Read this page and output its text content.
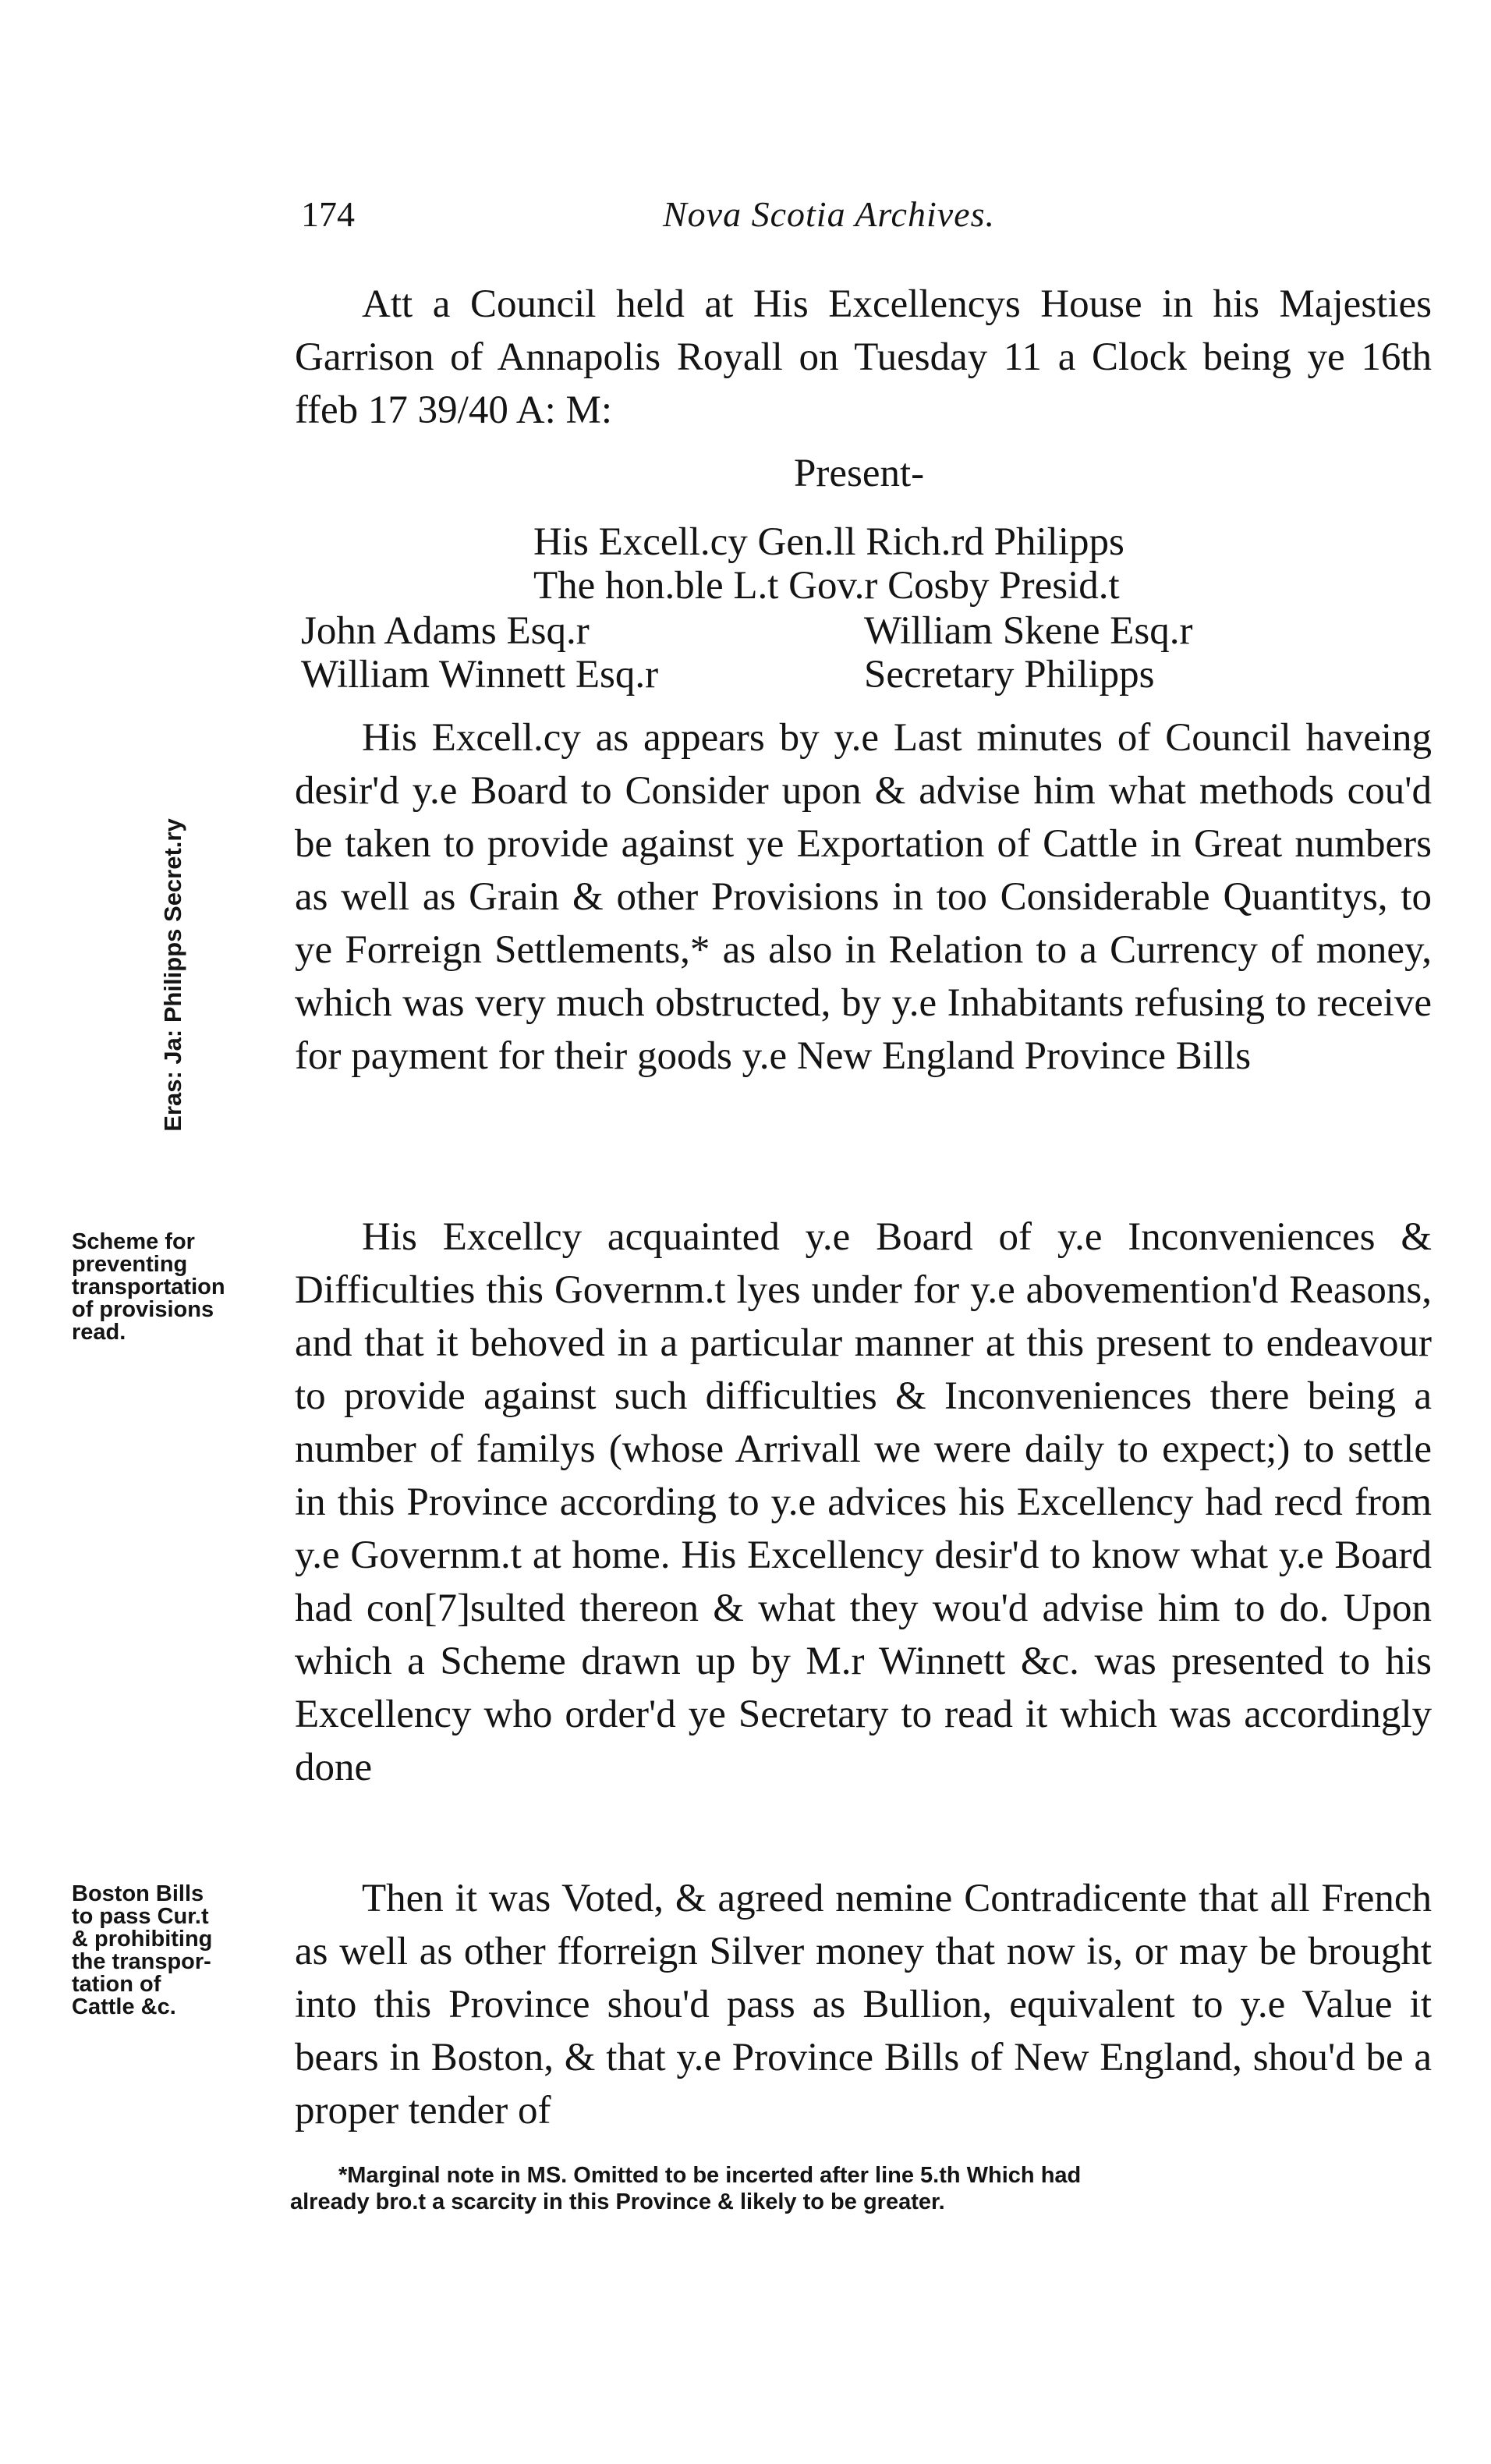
174	Nova Scotia Archives.
Att a Council held at His Excellencys House in his Majesties Garrison of Annapolis Royall on Tuesday 11 a Clock being ye 16th ffeb 17 39/40 A: M:
Present-
His Excell.cy Gen.ll Rich.rd Philipps
The hon.ble L.t Gov.r Cosby Presid.t
John Adams Esq.r	William Skene Esq.r
William Winnett Esq.r	Secretary Philipps
Eras: Ja: Philipps Secret.ry
His Excell.cy as appears by y.e Last minutes of Council haveing desir'd y.e Board to Consider upon & advise him what methods cou'd be taken to provide against ye Exportation of Cattle in Great numbers as well as Grain & other Provisions in too Considerable Quantitys, to ye Forreign Settlements,* as also in Relation to a Currency of money, which was very much obstructed, by y.e Inhabitants refusing to receive for payment for their goods y.e New England Province Bills
Scheme for
preventing
transportation
of provisions
read.
His Excellcy acquainted y.e Board of y.e Inconveniences & Difficulties this Governm.t lyes under for y.e abovemention'd Reasons, and that it behoved in a particular manner at this present to endeavour to provide against such difficulties & Inconveniences there being a number of familys (whose Arrivall we were daily to expect;) to settle in this Province according to y.e advices his Excellency had recd from y.e Governm.t at home. His Excellency desir'd to know what y.e Board had con[7]sulted thereon & what they wou'd advise him to do. Upon which a Scheme drawn up by M.r Winnett &c. was presented to his Excellency who order'd ye Secretary to read it which was accordingly done
Boston Bills
to pass Cur.t
& prohibiting
the transpor-
tation of
Cattle &c.
Then it was Voted, & agreed nemine Contradicente that all French as well as other fforreign Silver money that now is, or may be brought into this Province shou'd pass as Bullion, equivalent to y.e Value it bears in Boston, & that y.e Province Bills of New England, shou'd be a proper tender of
*Marginal note in MS. Omitted to be incerted after line 5.th Which had
already bro.t a scarcity in this Province & likely to be greater.
